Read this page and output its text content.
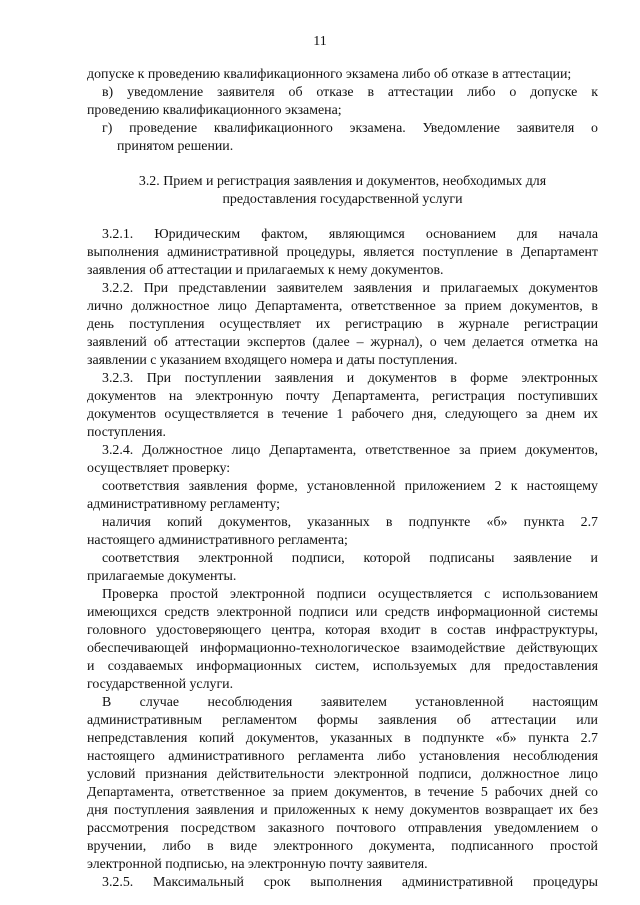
11
допуске к проведению квалификационного экзамена либо об отказе в аттестации;
в) уведомление заявителя об отказе в аттестации либо о допуске к
проведению квалификационного экзамена;
г) проведение квалификационного экзамена. Уведомление заявителя о
принятом решении.
3.2. Прием и регистрация заявления и документов, необходимых для
предоставления государственной услуги
3.2.1. Юридическим фактом, являющимся основанием для начала
выполнения административной процедуры, является поступление в Департамент
заявления об аттестации и прилагаемых к нему документов.
3.2.2. При представлении заявителем заявления и прилагаемых документов
лично должностное лицо Департамента, ответственное за прием документов, в
день поступления осуществляет их регистрацию в журнале регистрации
заявлений об аттестации экспертов (далее – журнал), о чем делается отметка на
заявлении с указанием входящего номера и даты поступления.
3.2.3. При поступлении заявления и документов в форме электронных
документов на электронную почту Департамента, регистрация поступивших
документов осуществляется в течение 1 рабочего дня, следующего за днем их
поступления.
3.2.4. Должностное лицо Департамента, ответственное за прием документов,
осуществляет проверку:
соответствия заявления форме, установленной приложением 2 к настоящему
административному регламенту;
наличия копий документов, указанных в подпункте «б» пункта 2.7
настоящего административного регламента;
соответствия электронной подписи, которой подписаны заявление и
прилагаемые документы.
Проверка простой электронной подписи осуществляется с использованием
имеющихся средств электронной подписи или средств информационной системы
головного удостоверяющего центра, которая входит в состав инфраструктуры,
обеспечивающей информационно-технологическое взаимодействие действующих
и создаваемых информационных систем, используемых для предоставления
государственной услуги.
В случае несоблюдения заявителем установленной настоящим
административным регламентом формы заявления об аттестации или
непредставления копий документов, указанных в подпункте «б» пункта 2.7
настоящего административного регламента либо установления несоблюдения
условий признания действительности электронной подписи, должностное лицо
Департамента, ответственное за прием документов, в течение 5 рабочих дней со
дня поступления заявления и приложенных к нему документов возвращает их без
рассмотрения посредством заказного почтового отправления уведомлением о
вручении, либо в виде электронного документа, подписанного простой
электронной подписью, на электронную почту заявителя.
3.2.5. Максимальный срок выполнения административной процедуры
